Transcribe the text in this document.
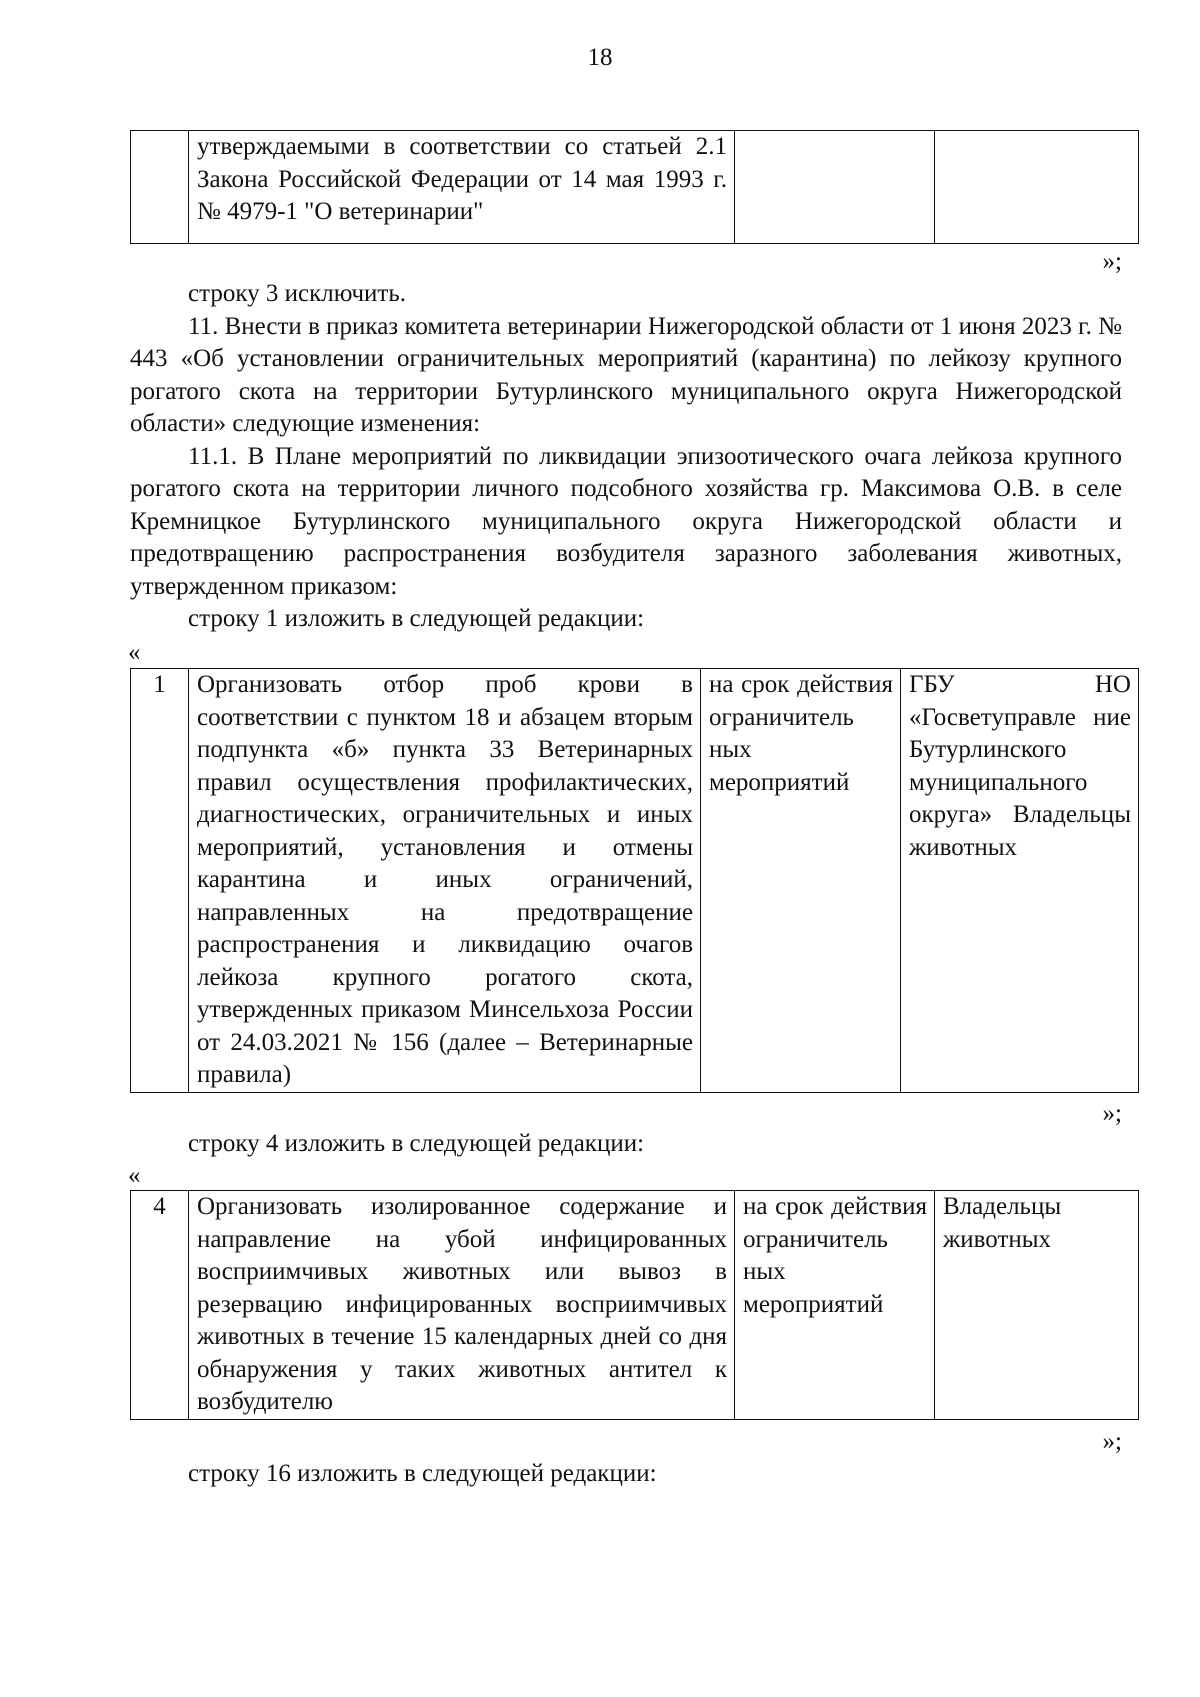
18
	утверждаемыми в соответствии со статьей 2.1 Закона Российской Федерации от 14 мая 1993 г. № 4979-1 "О ветеринарии"		
»;

строку 3 исключить.

11. Внести в приказ комитета ветеринарии Нижегородской области от 1 июня 2023 г. № 443 «Об установлении ограничительных мероприятий (карантина) по лейкозу крупного рогатого скота на территории Бутурлинского муниципального округа Нижегородской области» следующие изменения:

11.1. В Плане мероприятий по ликвидации эпизоотического очага лейкоза крупного рогатого скота на территории личного подсобного хозяйства гр. Максимова О.В. в селе Кремницкое Бутурлинского муниципального округа Нижегородской области и предотвращению распространения возбудителя заразного заболевания животных, утвержденном приказом:

строку 1 изложить в следующей редакции:

«
1	Организовать отбор проб крови в соответствии с пунктом 18 и абзацем вторым подпункта «б» пункта 33 Ветеринарных правил осуществления профилактических, диагностических, ограничительных и иных мероприятий, установления и отмены карантина и иных ограничений, направленных на предотвращение распространения и ликвидацию очагов лейкоза крупного рогатого скота, утвержденных приказом Минсельхоза России от 24.03.2021 № 156 (далее – Ветеринарные правила)	на срок действия ограничитель ных мероприятий	ГБУ НО «Госветуправле ние Бутурлинского муниципального округа» Владельцы животных
»;

строку 4 изложить в следующей редакции:

«
4	Организовать изолированное содержание и направление на убой инфицированных восприимчивых животных или вывоз в резервацию инфицированных восприимчивых животных в течение 15 календарных дней со дня обнаружения у таких животных антител к возбудителю	на срок действия ограничитель ных мероприятий	Владельцы животных
»;

строку 16 изложить в следующей редакции:
